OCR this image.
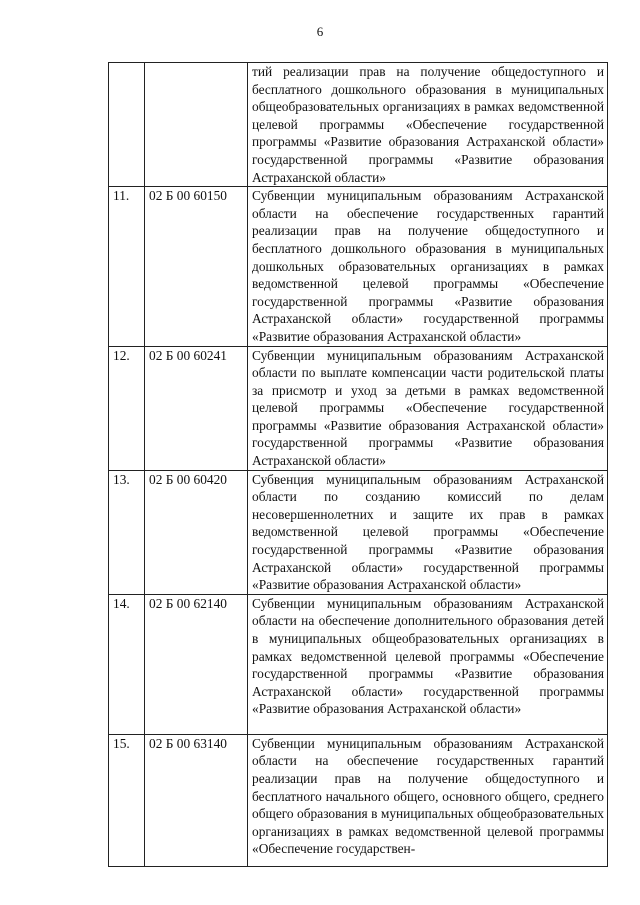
6
		тий реализации прав на получение общедоступного и бесплатного дошкольного образования в муниципальных общеобразовательных организациях в рамках ведомственной целевой программы «Обеспечение государственной программы «Развитие образования Астраханской области» государственной программы «Развитие образования Астраханской области»
11.	02 Б 00 60150	Субвенции муниципальным образованиям Астраханской области на обеспечение государственных гарантий реализации прав на получение общедоступного и бесплатного дошкольного образования в муниципальных дошкольных образовательных организациях в рамках ведомственной целевой программы «Обеспечение государственной программы «Развитие образования Астраханской области» государственной программы «Развитие образования Астраханской области»
12.	02 Б 00 60241	Субвенции муниципальным образованиям Астраханской области по выплате компенсации части родительской платы за присмотр и уход за детьми в рамках ведомственной целевой программы «Обеспечение государственной программы «Развитие образования Астраханской области» государственной программы «Развитие образования Астраханской области»
13.	02 Б 00 60420	Субвенция муниципальным образованиям Астраханской области по созданию комиссий по делам несовершеннолетних и защите их прав в рамках ведомственной целевой программы «Обеспечение государственной программы «Развитие образования Астраханской области» государственной программы «Развитие образования Астраханской области»
14.	02 Б 00 62140	Субвенции муниципальным образованиям Астраханской области на обеспечение дополнительного образования детей в муниципальных общеобразовательных организациях в рамках ведомственной целевой программы «Обеспечение государственной программы «Развитие образования Астраханской области» государственной программы «Развитие образования Астраханской области»
15.	02 Б 00 63140	Субвенции муниципальным образованиям Астраханской области на обеспечение государственных гарантий реализации прав на получение общедоступного и бесплатного начального общего, основного общего, среднего общего образования в муниципальных общеобразовательных организациях в рамках ведомственной целевой программы «Обеспечение государствен-
